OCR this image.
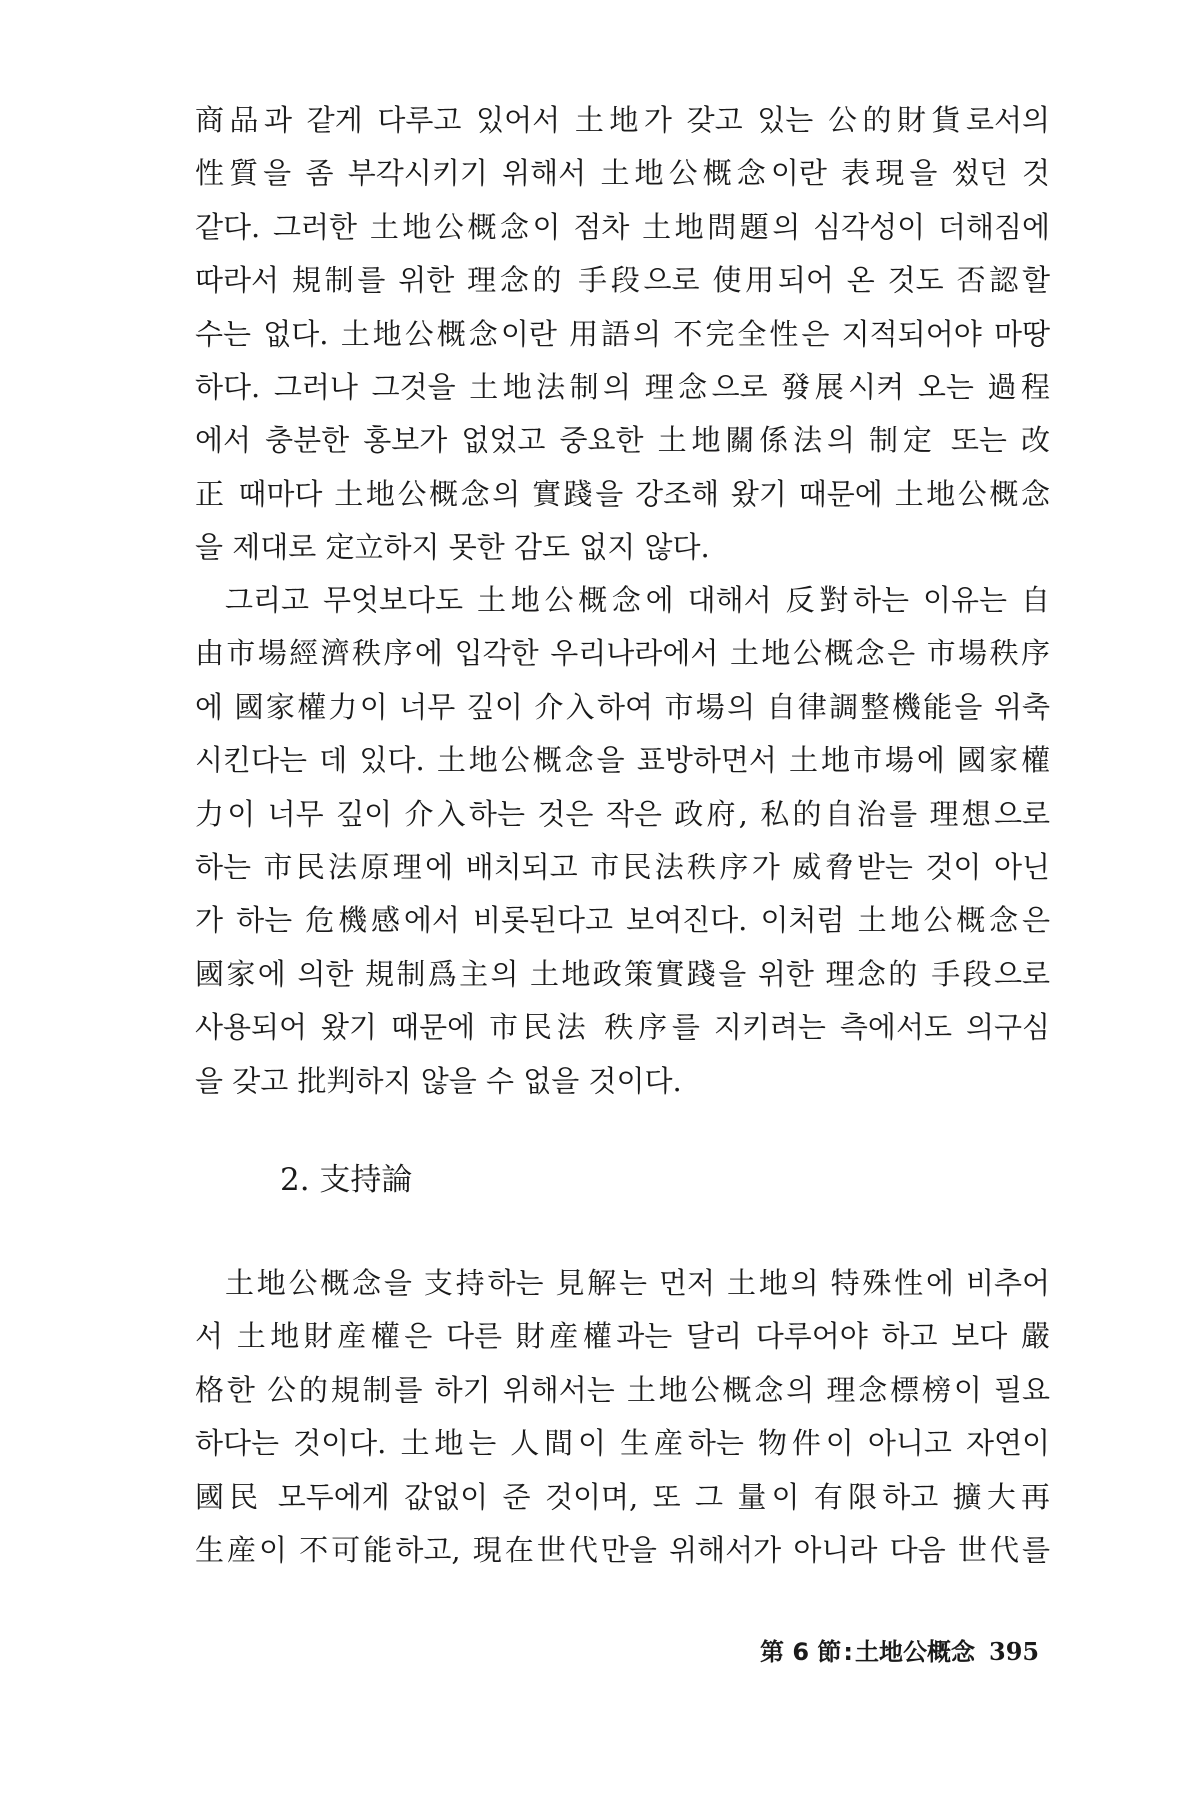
商品과 같게 다루고 있어서 土地가 갖고 있는 公的財貨로서의
性質을 좀 부각시키기 위해서 土地公概念이란 表現을 썼던 것
같다. 그러한 土地公概念이 점차 土地問題의 심각성이 더해짐에
따라서 規制를 위한 理念的 手段으로 使用되어 온 것도 否認할
수는 없다. 土地公概念이란 用語의 不完全性은 지적되어야 마땅
하다. 그러나 그것을 土地法制의 理念으로 發展시켜 오는 過程
에서 충분한 홍보가 없었고 중요한 土地關係法의 制定 또는 改
正 때마다 土地公概念의 實踐을 강조해 왔기 때문에 土地公概念
을 제대로 定立하지 못한 감도 없지 않다.
그리고 무엇보다도 土地公概念에 대해서 反對하는 이유는 自
由市場經濟秩序에 입각한 우리나라에서 土地公概念은 市場秩序
에 國家權力이 너무 깊이 介入하여 市場의 自律調整機能을 위축
시킨다는 데 있다. 土地公概念을 표방하면서 土地市場에 國家權
力이 너무 깊이 介入하는 것은 작은 政府, 私的自治를 理想으로
하는 市民法原理에 배치되고 市民法秩序가 威脅받는 것이 아닌
가 하는 危機感에서 비롯된다고 보여진다. 이처럼 土地公概念은
國家에 의한 規制爲主의 土地政策實踐을 위한 理念的 手段으로
사용되어 왔기 때문에 市民法 秩序를 지키려는 측에서도 의구심
을 갖고 批判하지 않을 수 없을 것이다.
2. 支持論
土地公概念을 支持하는 見解는 먼저 土地의 特殊性에 비추어
서 土地財産權은 다른 財産權과는 달리 다루어야 하고 보다 嚴
格한 公的規制를 하기 위해서는 土地公概念의 理念標榜이 필요
하다는 것이다. 土地는 人間이 生産하는 物件이 아니고 자연이
國民 모두에게 값없이 준 것이며, 또 그 量이 有限하고 擴大再
生産이 不可能하고, 現在世代만을 위해서가 아니라 다음 世代를
第 6 節:土地公概念 395
